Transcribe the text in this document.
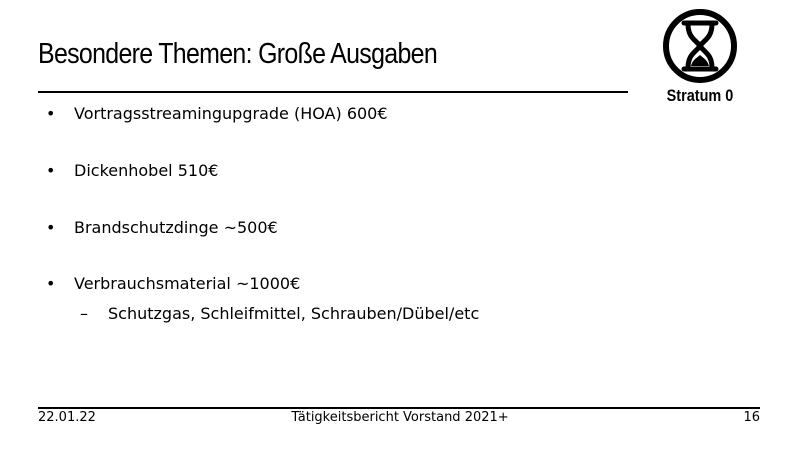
Besondere Themen: Große Ausgaben
Stratum 0
• Vortragsstreamingupgrade (HOA) 600€
• Dickenhobel 510€
• Brandschutzdinge ~500€
• Verbrauchsmaterial ~1000€
– Schutzgas, Schleifmittel, Schrauben/Dübel/etc
22.01.22	Tätigkeitsbericht Vorstand 2021+	16
